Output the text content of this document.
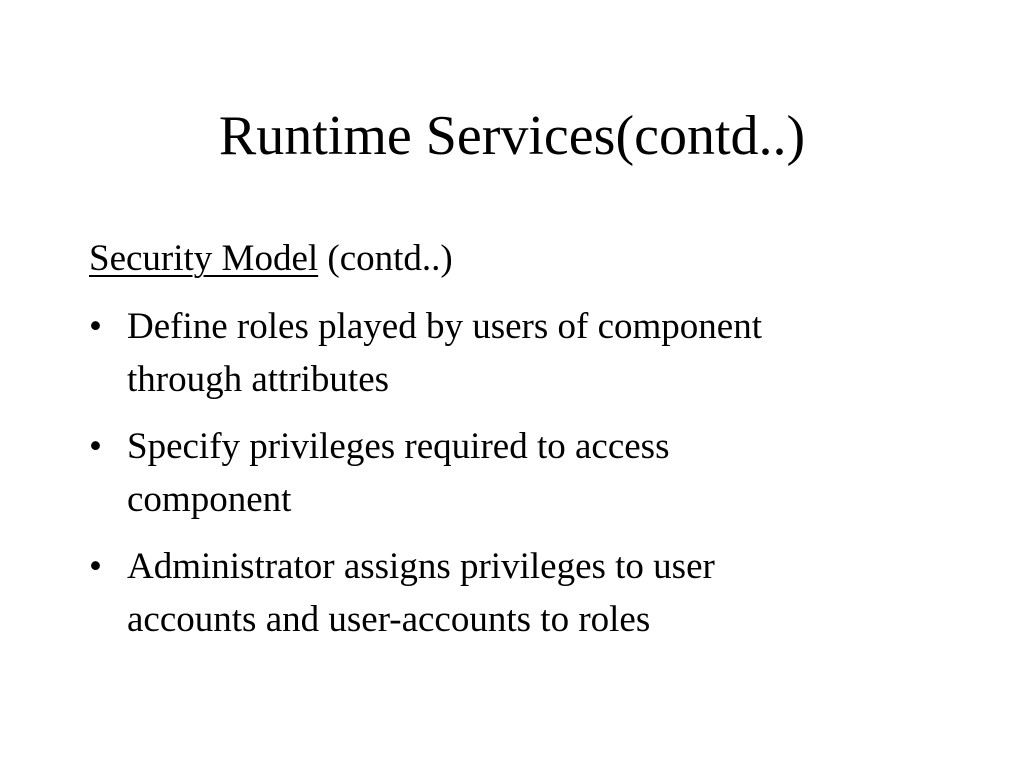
Runtime Services(contd..)

Security Model (contd..)

• Define roles played by users of component
through attributes
• Specify privileges required to access
component
• Administrator assigns privileges to user
accounts and user-accounts to roles
